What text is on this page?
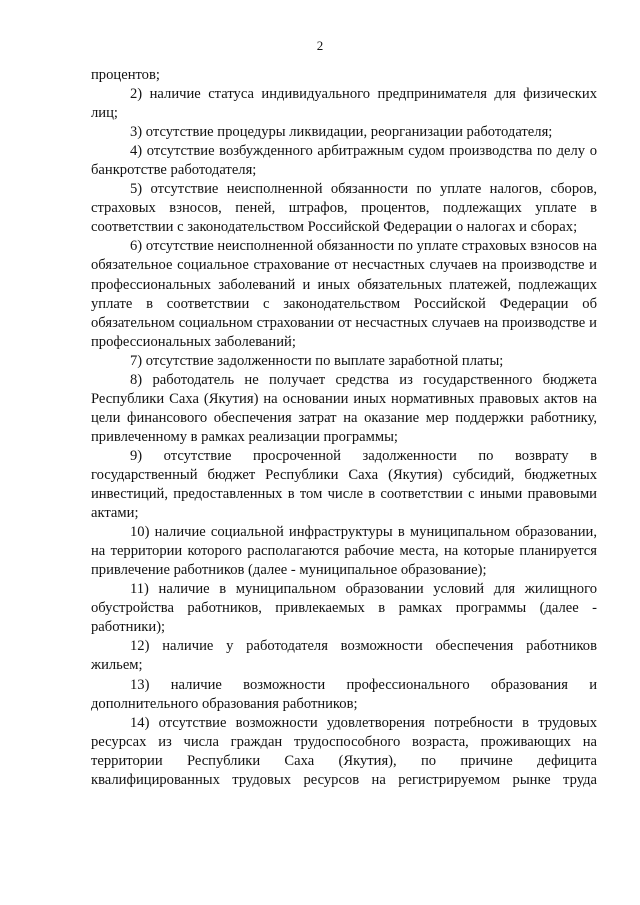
2

процентов;

2) наличие статуса индивидуального предпринимателя для физических лиц;

3) отсутствие процедуры ликвидации, реорганизации работодателя;

4) отсутствие возбужденного арбитражным судом производства по делу о банкротстве работодателя;

5) отсутствие неисполненной обязанности по уплате налогов, сборов, страховых взносов, пеней, штрафов, процентов, подлежащих уплате в соответствии с законодательством Российской Федерации о налогах и сборах;

6) отсутствие неисполненной обязанности по уплате страховых взносов на обязательное социальное страхование от несчастных случаев на производстве и профессиональных заболеваний и иных обязательных платежей, подлежащих уплате в соответствии с законодательством Российской Федерации об обязательном социальном страховании от несчастных случаев на производстве и профессиональных заболеваний;

7) отсутствие задолженности по выплате заработной платы;

8) работодатель не получает средства из государственного бюджета Республики Саха (Якутия) на основании иных нормативных правовых актов на цели финансового обеспечения затрат на оказание мер поддержки работнику, привлеченному в рамках реализации программы;

9) отсутствие просроченной задолженности по возврату в государственный бюджет Республики Саха (Якутия) субсидий, бюджетных инвестиций, предоставленных в том числе в соответствии с иными правовыми актами;

10) наличие социальной инфраструктуры в муниципальном образовании, на территории которого располагаются рабочие места, на которые планируется привлечение работников (далее - муниципальное образование);

11) наличие в муниципальном образовании условий для жилищного обустройства работников, привлекаемых в рамках программы (далее - работники);

12) наличие у работодателя возможности обеспечения работников жильем;

13) наличие возможности профессионального образования и дополнительного образования работников;

14) отсутствие возможности удовлетворения потребности в трудовых ресурсах из числа граждан трудоспособного возраста, проживающих на территории Республики Саха (Якутия), по причине дефицита квалифицированных трудовых ресурсов на регистрируемом рынке труда
